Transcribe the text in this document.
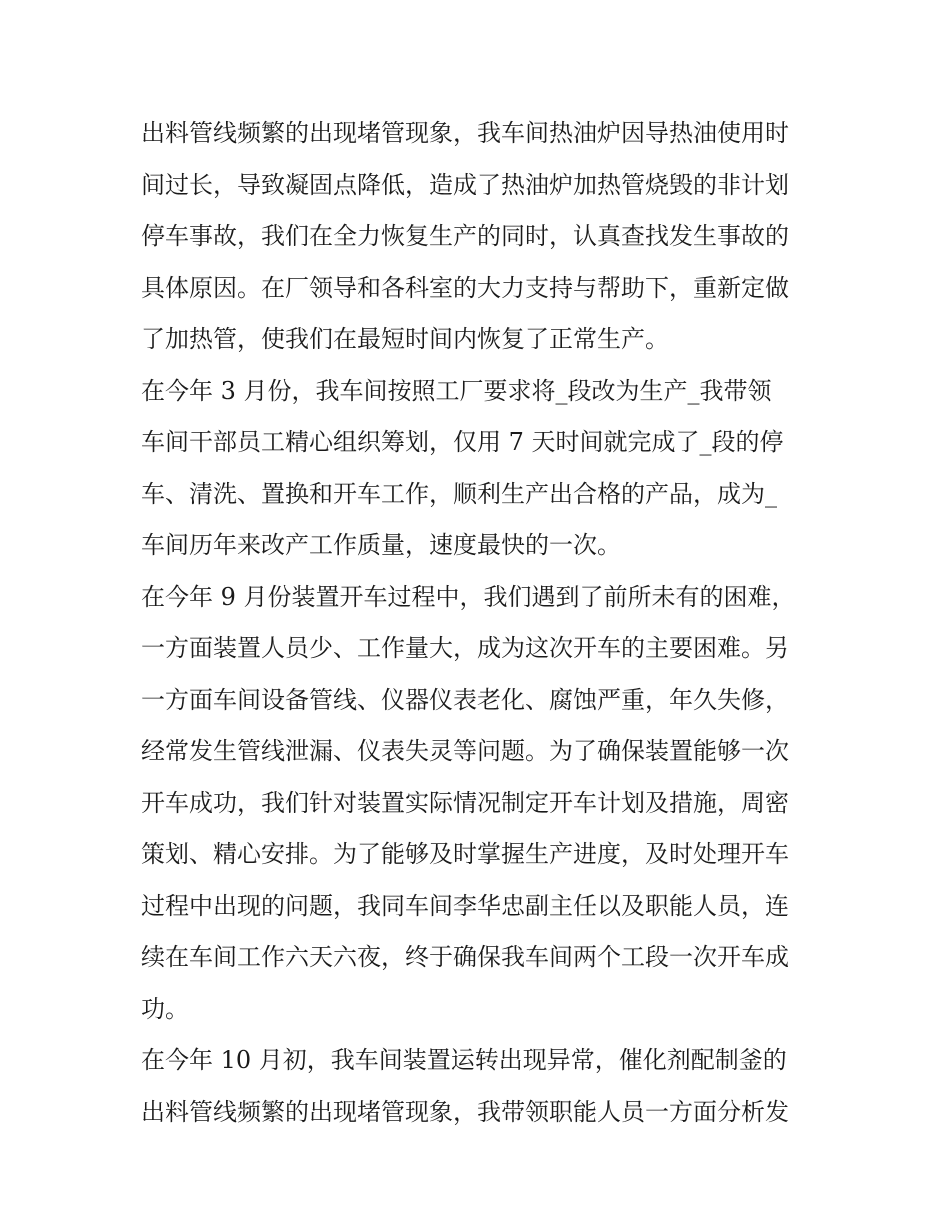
出料管线频繁的出现堵管现象，我车间热油炉因导热油使用时
间过长，导致凝固点降低，造成了热油炉加热管烧毁的非计划
停车事故，我们在全力恢复生产的同时，认真查找发生事故的
具体原因。在厂领导和各科室的大力支持与帮助下，重新定做
了加热管，使我们在最短时间内恢复了正常生产。
在今年 3 月份，我车间按照工厂要求将_段改为生产_我带领
车间干部员工精心组织筹划，仅用 7 天时间就完成了_段的停
车、清洗、置换和开车工作，顺利生产出合格的产品，成为_
车间历年来改产工作质量，速度最快的一次。
在今年 9 月份装置开车过程中，我们遇到了前所未有的困难，
一方面装置人员少、工作量大，成为这次开车的主要困难。另
一方面车间设备管线、仪器仪表老化、腐蚀严重，年久失修，
经常发生管线泄漏、仪表失灵等问题。为了确保装置能够一次
开车成功，我们针对装置实际情况制定开车计划及措施，周密
策划、精心安排。为了能够及时掌握生产进度，及时处理开车
过程中出现的问题，我同车间李华忠副主任以及职能人员，连
续在车间工作六天六夜，终于确保我车间两个工段一次开车成
功。
在今年 10 月初，我车间装置运转出现异常，催化剂配制釜的
出料管线频繁的出现堵管现象，我带领职能人员一方面分析发
